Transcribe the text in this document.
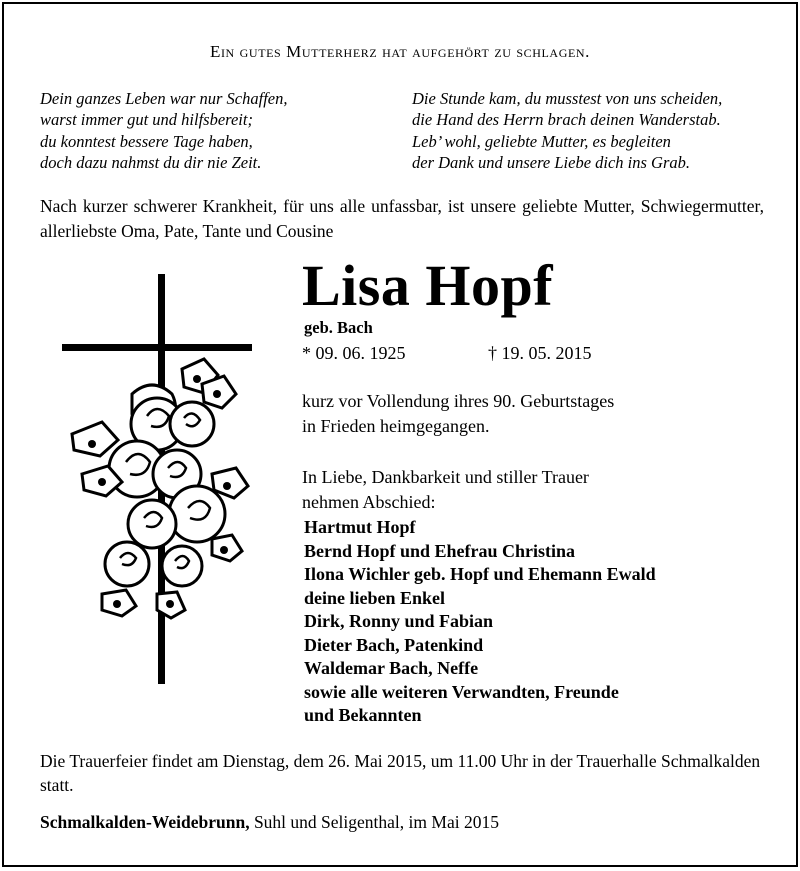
Ein gutes Mutterherz hat aufgehört zu schlagen.
Dein ganzes Leben war nur Schaffen,
warst immer gut und hilfsbereit;
du konntest bessere Tage haben,
doch dazu nahmst du dir nie Zeit.
Die Stunde kam, du musstest von uns scheiden,
die Hand des Herrn brach deinen Wanderstab.
Leb’ wohl, geliebte Mutter, es begleiten
der Dank und unsere Liebe dich ins Grab.
Nach kurzer schwerer Krankheit, für uns alle unfassbar, ist unsere geliebte Mutter, Schwiegermutter, allerliebste Oma, Pate, Tante und Cousine
Lisa Hopf
geb. Bach
* 09. 06. 1925	† 19. 05. 2015
kurz vor Vollendung ihres 90. Geburtstages
in Frieden heimgegangen.
In Liebe, Dankbarkeit und stiller Trauer
nehmen Abschied:
Hartmut Hopf
Bernd Hopf und Ehefrau Christina
Ilona Wichler geb. Hopf und Ehemann Ewald
deine lieben Enkel
Dirk, Ronny und Fabian
Dieter Bach, Patenkind
Waldemar Bach, Neffe
sowie alle weiteren Verwandten, Freunde
und Bekannten
Die Trauerfeier findet am Dienstag, dem 26. Mai 2015, um 11.00 Uhr in der Trauerhalle Schmalkalden statt.
Schmalkalden-Weidebrunn, Suhl und Seligenthal, im Mai 2015
